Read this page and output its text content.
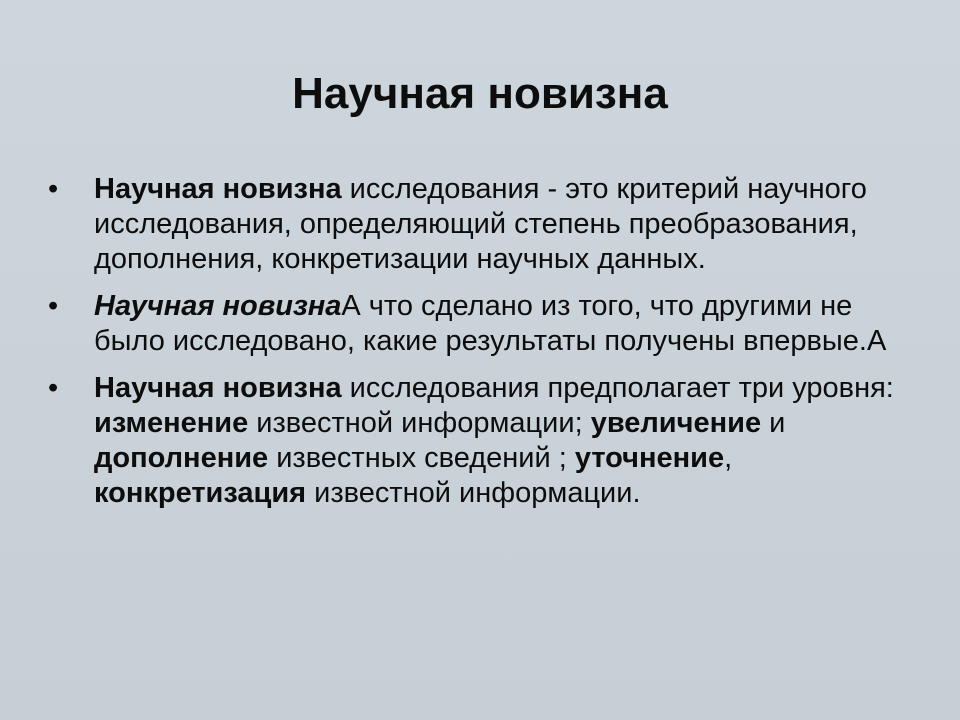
Научная новизна
•	Научная новизна исследования - это критерий научного исследования, определяющий степень преобразования, дополнения, конкретизации научных данных.
•	Научная новизнаА что сделано из того, что другими не было исследовано, какие результаты получены впервые.А
•	Научная новизна исследования предполагает три уровня: изменение известной информации; увеличение и дополнение известных сведений ; уточнение, конкретизация известной информации.
